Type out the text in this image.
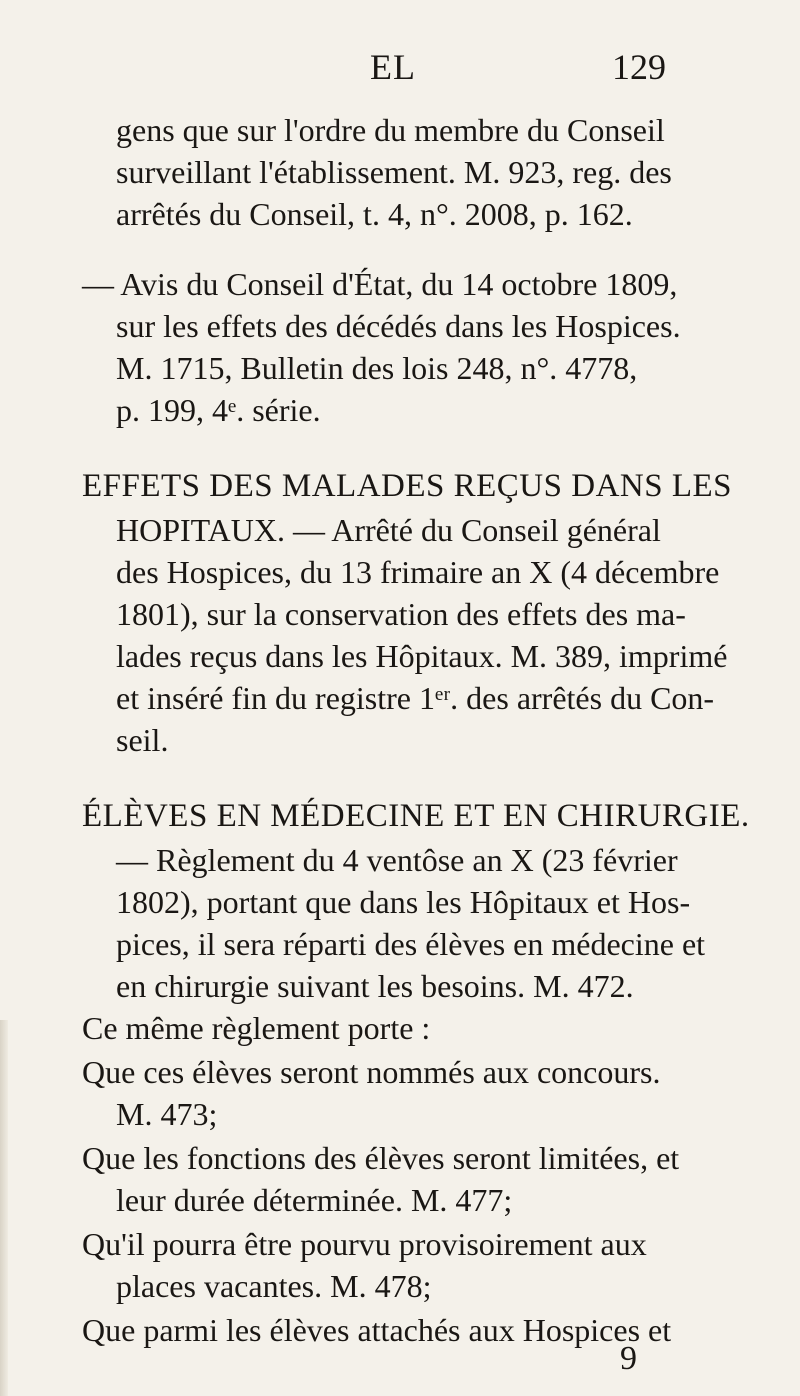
EL	129
gens que sur l'ordre du membre du Conseil
surveillant l'établissement. M. 923, reg. des
arrêtés du Conseil, t. 4, n°. 2008, p. 162.
— Avis du Conseil d'État, du 14 octobre 1809,
sur les effets des décédés dans les Hospices.
M. 1715, Bulletin des lois 248, n°. 4778,
p. 199, 4ᵉ. série.
EFFETS DES MALADES REÇUS DANS LES
HOPITAUX. — Arrêté du Conseil général
des Hospices, du 13 frimaire an X (4 décembre
1801), sur la conservation des effets des ma-
lades reçus dans les Hôpitaux. M. 389, imprimé
et inséré fin du registre 1ᵉʳ. des arrêtés du Con-
seil.
ÉLÈVES EN MÉDECINE ET EN CHIRURGIE.
— Règlement du 4 ventôse an X (23 février
1802), portant que dans les Hôpitaux et Hos-
pices, il sera réparti des élèves en médecine et
en chirurgie suivant les besoins. M. 472.
Ce même règlement porte :
Que ces élèves seront nommés aux concours.
M. 473;
Que les fonctions des élèves seront limitées, et
leur durée déterminée. M. 477;
Qu'il pourra être pourvu provisoirement aux
places vacantes. M. 478;
Que parmi les élèves attachés aux Hospices et
9
